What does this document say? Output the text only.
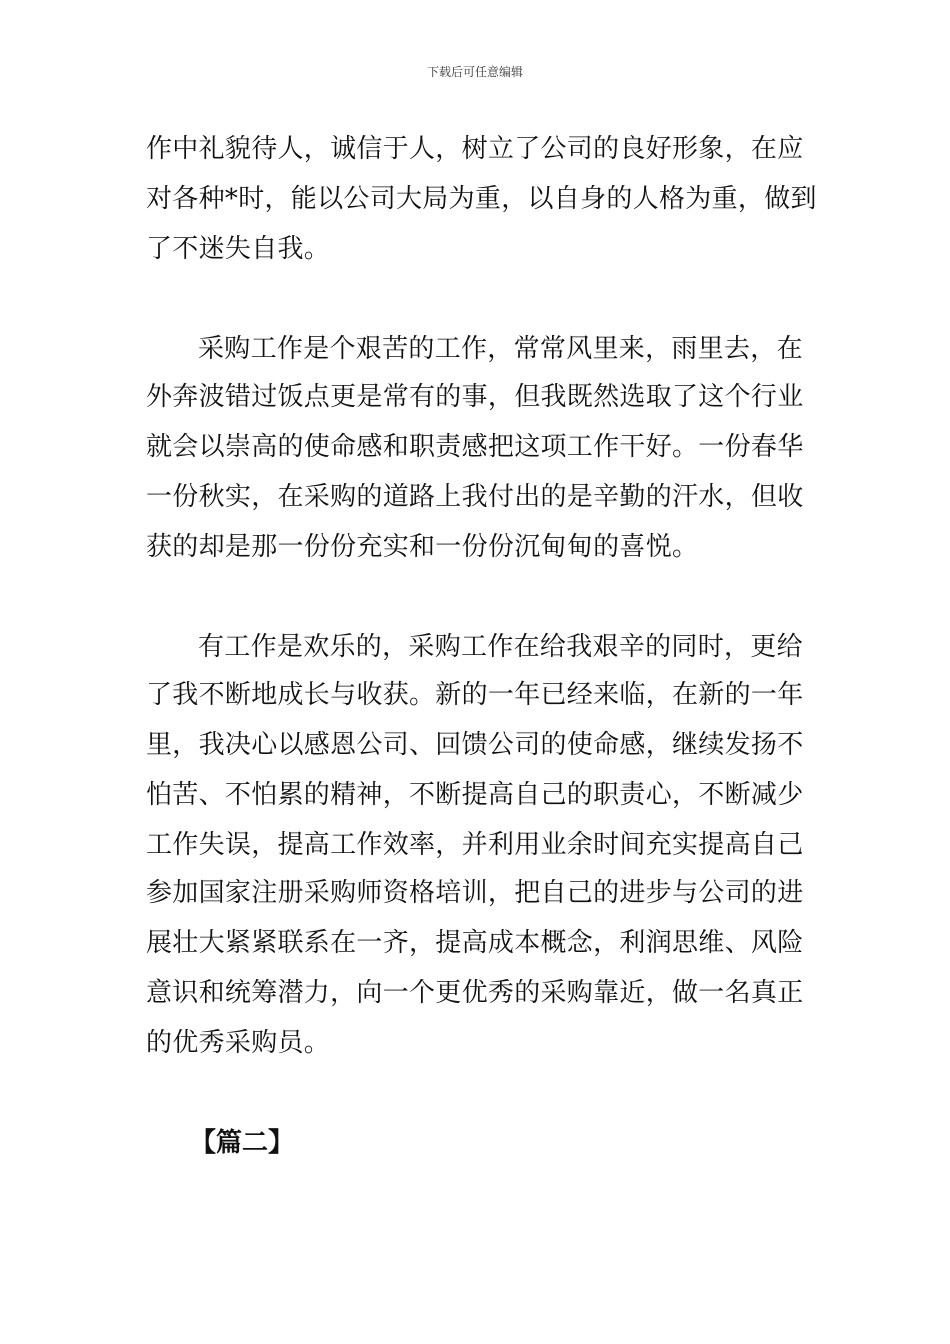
下载后可任意编辑
作中礼貌待人，诚信于人，树立了公司的良好形象，在应
对各种*时，能以公司大局为重，以自身的人格为重，做到
了不迷失自我。
采购工作是个艰苦的工作，常常风里来，雨里去，在
外奔波错过饭点更是常有的事，但我既然选取了这个行业
就会以崇高的使命感和职责感把这项工作干好。一份春华
一份秋实，在采购的道路上我付出的是辛勤的汗水，但收
获的却是那一份份充实和一份份沉甸甸的喜悦。
有工作是欢乐的，采购工作在给我艰辛的同时，更给
了我不断地成长与收获。新的一年已经来临，在新的一年
里，我决心以感恩公司、回馈公司的使命感，继续发扬不
怕苦、不怕累的精神，不断提高自己的职责心，不断减少
工作失误，提高工作效率，并利用业余时间充实提高自己
参加国家注册采购师资格培训，把自己的进步与公司的进
展壮大紧紧联系在一齐，提高成本概念，利润思维、风险
意识和统筹潜力，向一个更优秀的采购靠近，做一名真正
的优秀采购员。
【篇二】
